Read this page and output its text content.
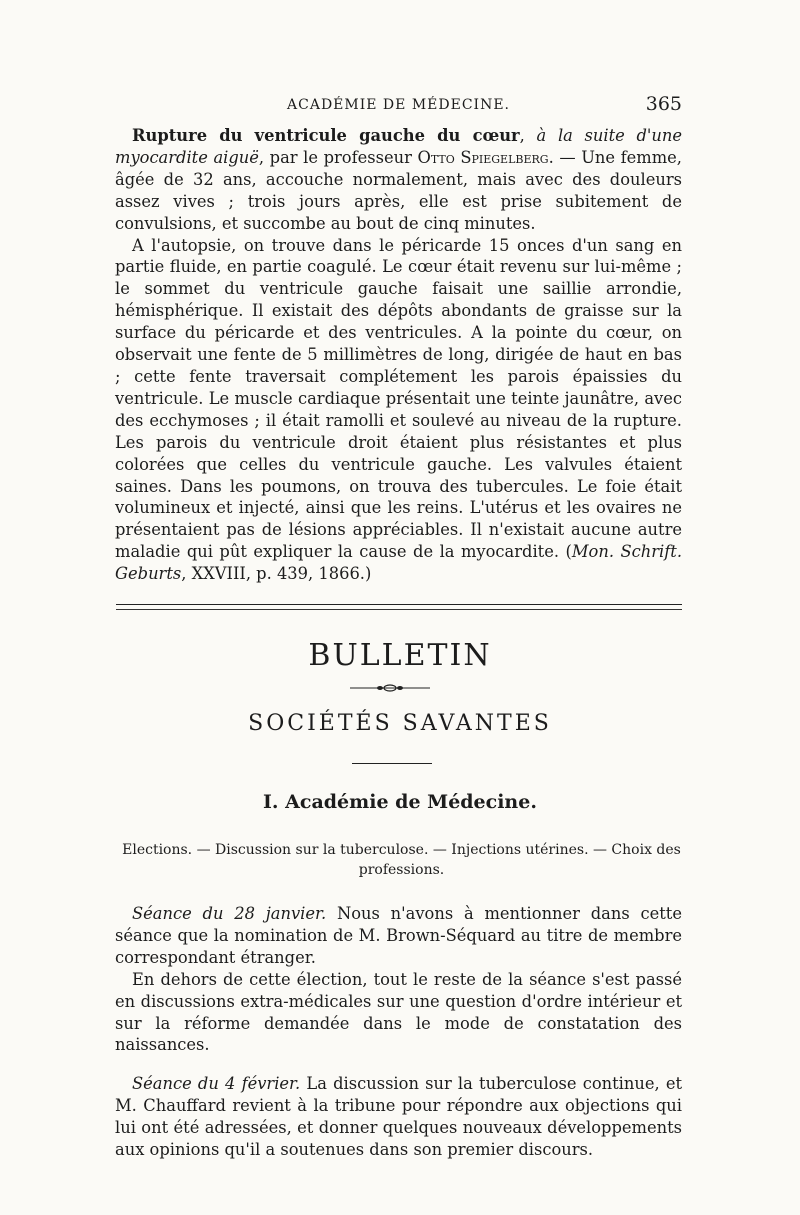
ACADÉMIE DE MÉDECINE.	365

Rupture du ventricule gauche du cœur, à la suite d'une myocardite aiguë, par le professeur Otto Spiegelberg. — Une femme, âgée de 32 ans, accouche normalement, mais avec des douleurs assez vives ; trois jours après, elle est prise subitement de convulsions, et succombe au bout de cinq minutes.

A l'autopsie, on trouve dans le péricarde 15 onces d'un sang en partie fluide, en partie coagulé. Le cœur était revenu sur lui-même ; le sommet du ventricule gauche faisait une saillie arrondie, hémisphérique. Il existait des dépôts abondants de graisse sur la surface du péricarde et des ventricules. A la pointe du cœur, on observait une fente de 5 millimètres de long, dirigée de haut en bas ; cette fente traversait complétement les parois épaissies du ventricule. Le muscle cardiaque présentait une teinte jaunâtre, avec des ecchymoses ; il était ramolli et soulevé au niveau de la rupture. Les parois du ventricule droit étaient plus résistantes et plus colorées que celles du ventricule gauche. Les valvules étaient saines. Dans les poumons, on trouva des tubercules. Le foie était volumineux et injecté, ainsi que les reins. L'utérus et les ovaires ne présentaient pas de lésions appréciables. Il n'existait aucune autre maladie qui pût expliquer la cause de la myocardite. (Mon. Schrift. Geburts, XXVIII, p. 439, 1866.)

BULLETIN
SOCIÉTÉS SAVANTES
I. Académie de Médecine.
Elections. — Discussion sur la tuberculose. — Injections utérines. — Choix des professions.

Séance du 28 janvier. Nous n'avons à mentionner dans cette séance que la nomination de M. Brown-Séquard au titre de membre correspondant étranger.

En dehors de cette élection, tout le reste de la séance s'est passé en discussions extra-médicales sur une question d'ordre intérieur et sur la réforme demandée dans le mode de constatation des naissances.

Séance du 4 février. La discussion sur la tuberculose continue, et M. Chauffard revient à la tribune pour répondre aux objections qui lui ont été adressées, et donner quelques nouveaux développements aux opinions qu'il a soutenues dans son premier discours.
